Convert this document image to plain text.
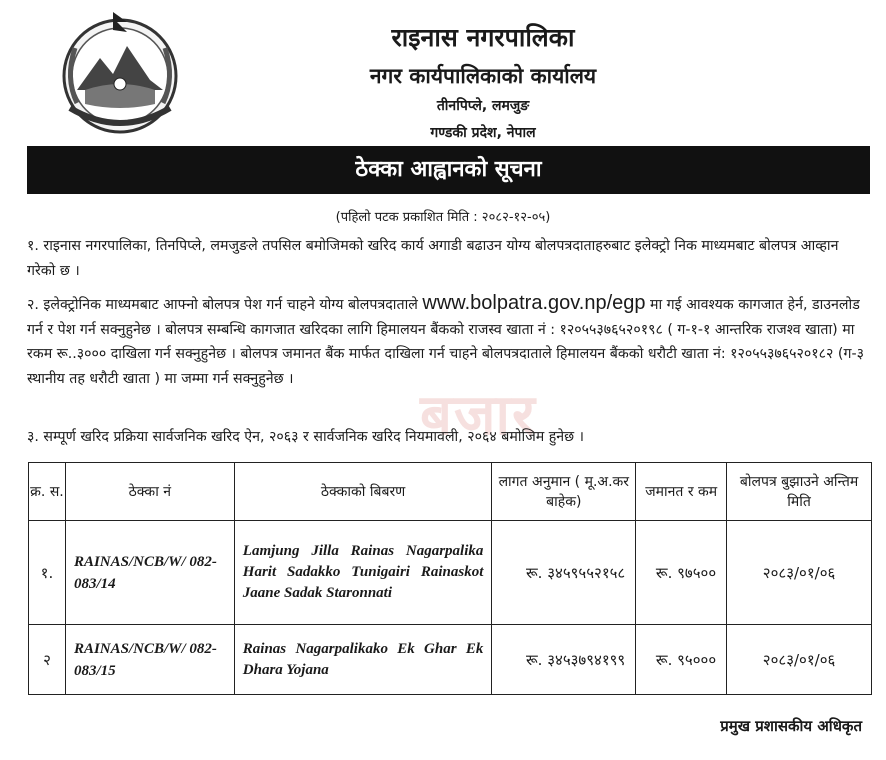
राइनास नगरपालिका
नगर कार्यपालिकाको कार्यालय
तीनपिप्ले, लमजुङ
गण्डकी प्रदेश, नेपाल
ठेक्का आह्वानको सूचना
(पहिलो पटक प्रकाशित मिति : २०८२-१२-०५)
१. राइनास नगरपालिका, तिनपिप्ले, लमजुङले तपसिल बमोजिमको खरिद कार्य अगाडी बढाउन योग्य बोलपत्रदाताहरुबाट इलेक्ट्रो निक माध्यमबाट बोलपत्र आव्हान गरेको छ ।
२. इलेक्ट्रोनिक माध्यमबाट आफ्नो बोलपत्र पेश गर्न चाहने योग्य बोलपत्रदाताले www.bolpatra.gov.np/egp मा गई आवश्यक कागजात हेर्न, डाउनलोड गर्न र पेश गर्न सक्नुहुनेछ । बोलपत्र सम्बन्धि कागजात खरिदका लागि हिमालयन बैंकको राजस्व खाता नं : १२०५५३७६५२०१९८ ( ग-१-१ आन्तरिक राजश्व खाता) मा रकम रू..३००० दाखिला गर्न सक्नुहुनेछ । बोलपत्र जमानत बैंक मार्फत दाखिला गर्न चाहने बोलपत्रदाताले हिमालयन बैंकको धरौटी खाता नं: १२०५५३७६५२०१८२ (ग-३ स्थानीय तह धरौटी खाता ) मा जम्मा गर्न सक्नुहुनेछ ।
बजार
३. सम्पूर्ण खरिद प्रक्रिया सार्वजनिक खरिद ऐन, २०६३ र सार्वजनिक खरिद नियमावली, २०६४ बमोजिम हुनेछ ।
क्र. स.	ठेक्का नं	ठेक्काको बिबरण	लागत अनुमान ( मू.अ.कर बाहेक)	जमानत र कम	बोलपत्र बुझाउने अन्तिम मिति
१.	RAINAS/NCB/W/ 082-083/14	Lamjung Jilla Rainas Nagarpalika Harit Sadakko Tunigairi Rainaskot Jaane Sadak Staronnati	रू. ३४५९५५२१५८	रू. ९७५००	२०८३/०१/०६
२	RAINAS/NCB/W/ 082-083/15	Rainas Nagarpalikako Ek Ghar Ek Dhara Yojana	रू. ३४५३७९४१९९	रू. ९५०००	२०८३/०१/०६
प्रमुख प्रशासकीय अधिकृत
